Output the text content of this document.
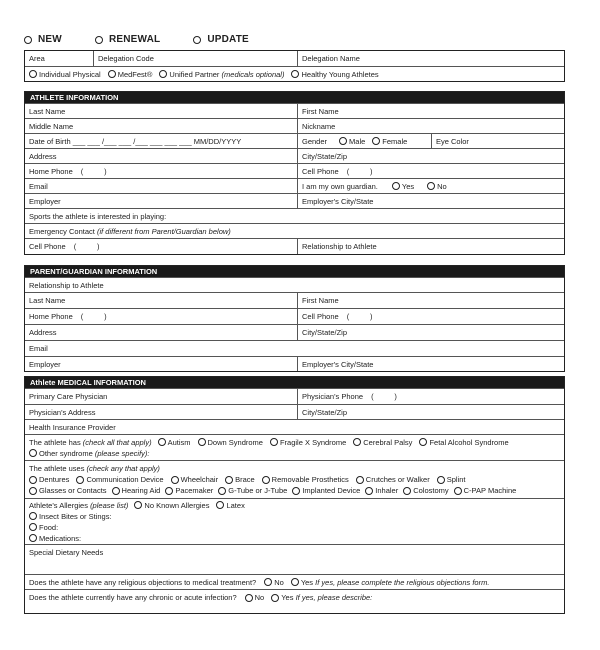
NEW	RENEWAL	UPDATE
Area	Delegation Code	Delegation Name
Individual Physical MedFest® Unified Partner
(medicals optional) Healthy Young Athletes
ATHLETE INFORMATION
Last Name	First Name
Middle Name	Nickname
Date of Birth ___ ___ /___ ___ /___ ___ ___ ___ MM/DD/YYYY	Gender	Male Female	Eye Color
Address	City/State/Zip
Home Phone (          )	Cell Phone (          )
Email	I am my own guardian.	Yes	No
Employer	Employer's City/State
Sports the athlete is interested in playing:
Emergency Contact
(if different from Parent/Guardian below)
Cell Phone (          )	Relationship to Athlete
PARENT/GUARDIAN INFORMATION
Relationship to Athlete
Last Name	First Name
Home Phone (          )	Cell Phone (          )
Address	City/State/Zip
Email
Employer	Employer's City/State
Athlete MEDICAL INFORMATION
Primary Care Physician	Physician's Phone (          )
Physician's Address	City/State/Zip
Health Insurance Provider
The athlete has
(check all that apply) Autism Down Syndrome Fragile X Syndrome Cerebral Palsy Fetal Alcohol Syndrome
Other syndrome
(please specify):
The athlete uses
(check any that apply)
Dentures Communication Device Wheelchair Brace Removable Prosthetics Crutches or Walker Splint
Glasses or Contacts Hearing Aid Pacemaker G-Tube or J-Tube Implanted Device Inhaler Colostomy C-PAP Machine
Athlete's Allergies
(please list) No Known Allergies Latex
Insect Bites or Stings:
Food:
Medications:
Special Dietary Needs
Does the athlete have any religious objections to medical treatment? No Yes
If yes, please complete the religious objections form.
Does the athlete currently have any chronic or acute infection? No Yes
If yes, please describe:
